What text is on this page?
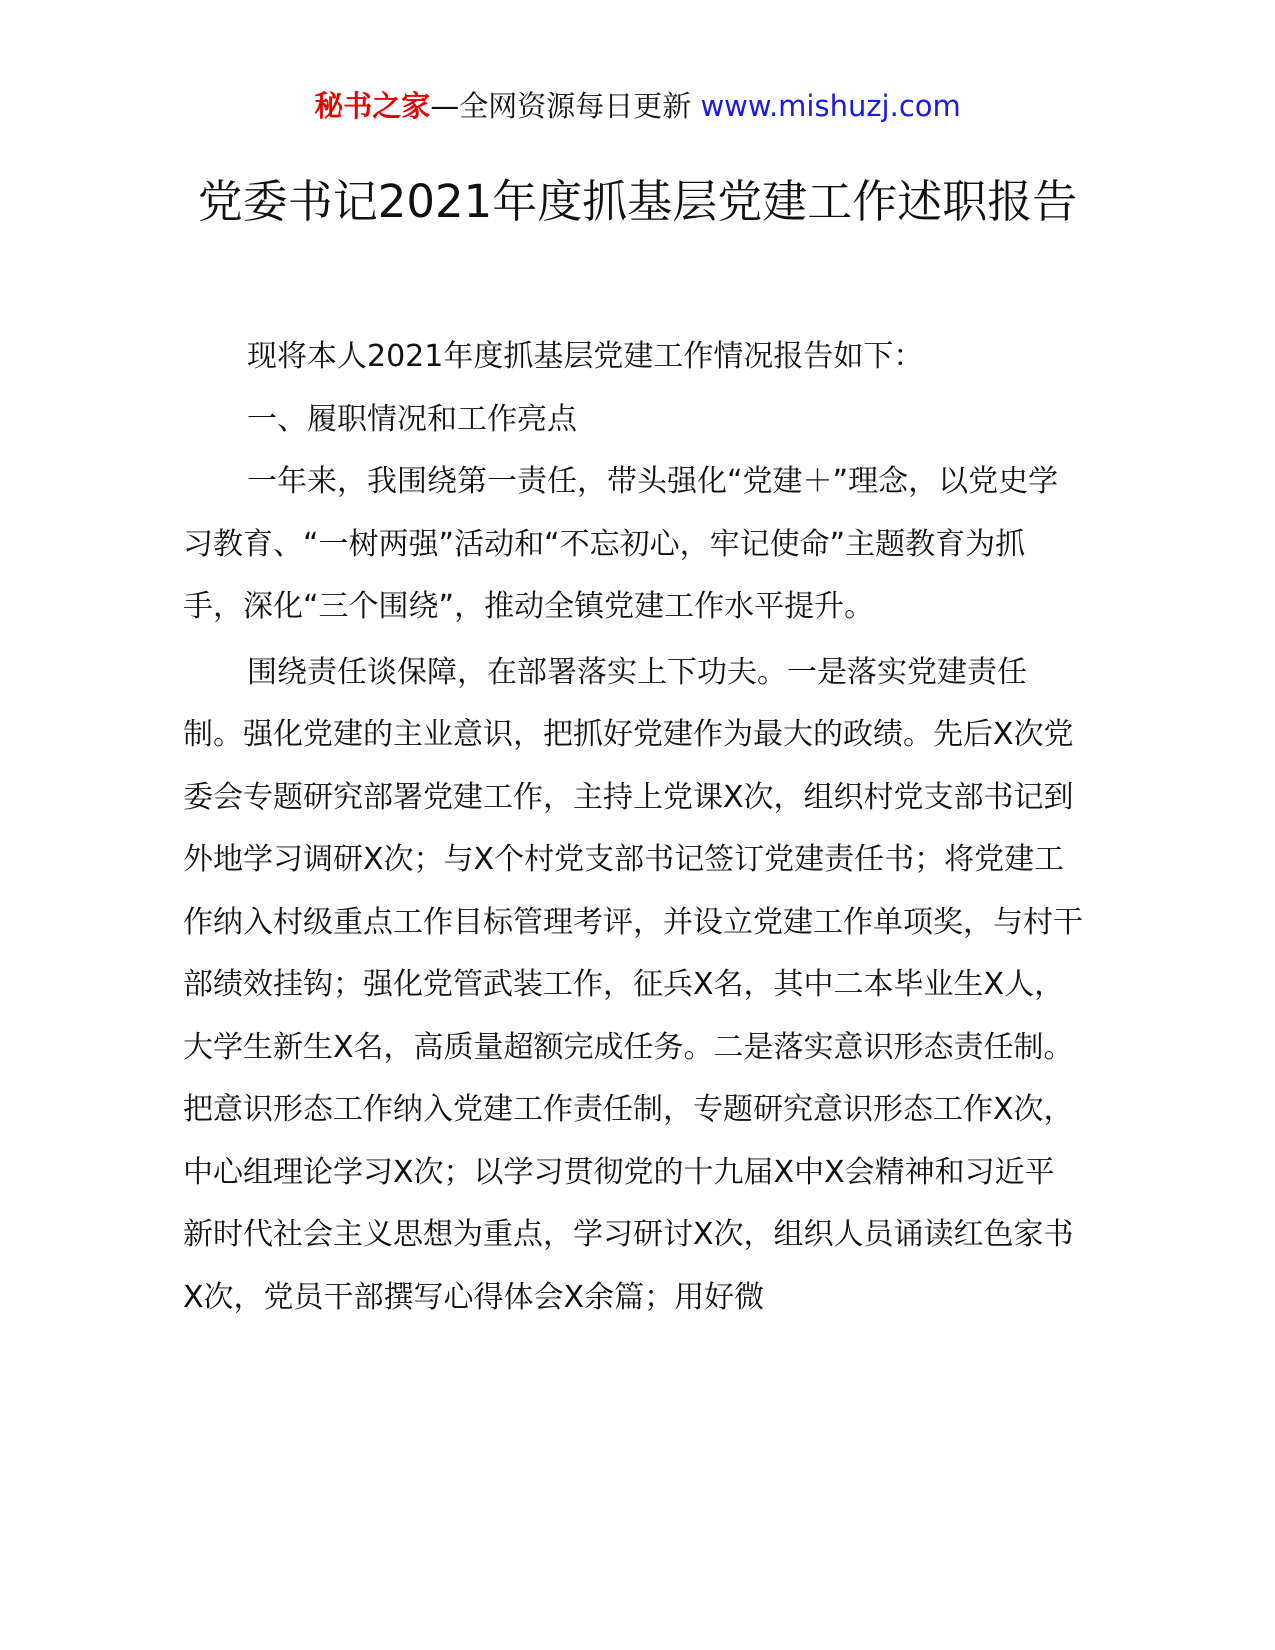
秘书之家—全网资源每日更新 www.mishuzj.com
党委书记2021年度抓基层党建工作述职报告

现将本人2021年度抓基层党建工作情况报告如下：

一、履职情况和工作亮点

一年来，我围绕第一责任，带头强化“党建＋”理念，以党史学习教育、“一树两强”活动和“不忘初心，牢记使命”主题教育为抓手，深化“三个围绕”，推动全镇党建工作水平提升。

围绕责任谈保障，在部署落实上下功夫。一是落实党建责任制。强化党建的主业意识，把抓好党建作为最大的政绩。先后X次党委会专题研究部署党建工作，主持上党课X次，组织村党支部书记到外地学习调研X次；与X个村党支部书记签订党建责任书；将党建工作纳入村级重点工作目标管理考评，并设立党建工作单项奖，与村干部绩效挂钩；强化党管武装工作，征兵X名，其中二本毕业生X人，大学生新生X名，高质量超额完成任务。二是落实意识形态责任制。把意识形态工作纳入党建工作责任制，专题研究意识形态工作X次，中心组理论学习X次；以学习贯彻党的十九届X中X会精神和习近平新时代社会主义思想为重点，学习研讨X次，组织人员诵读红色家书X次，党员干部撰写心得体会X余篇；用好微
